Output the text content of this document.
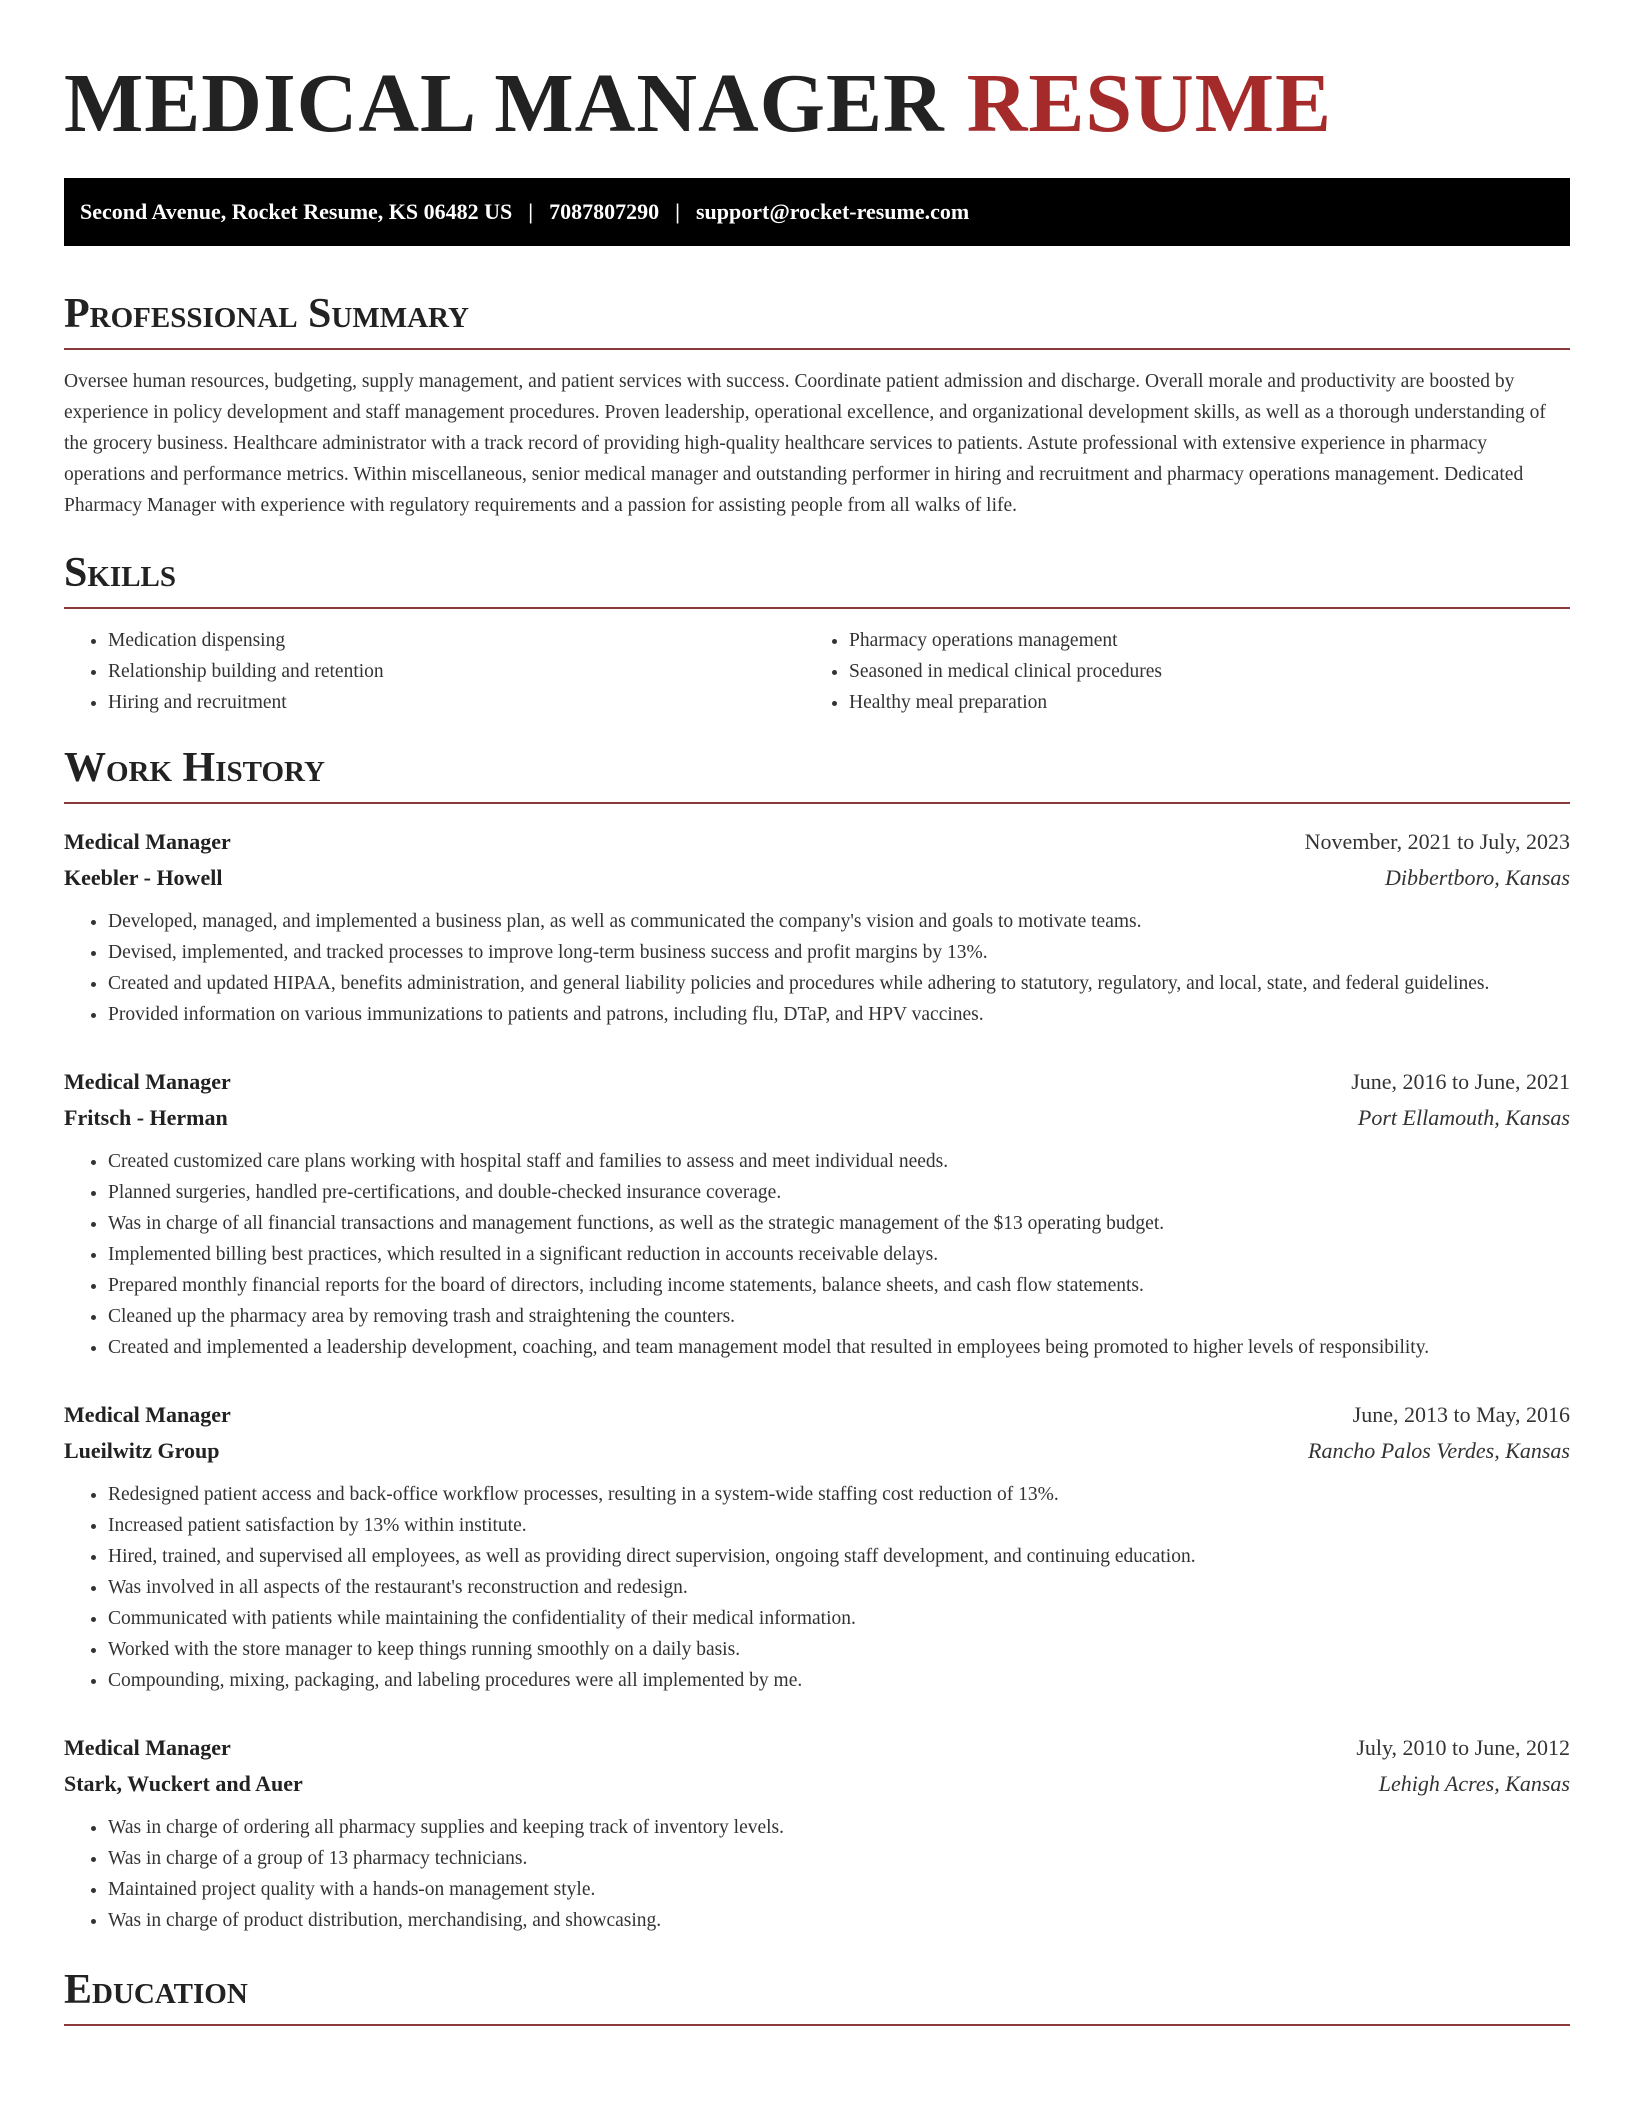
MEDICAL MANAGER RESUME
Second Avenue, Rocket Resume, KS 06482 US | 7087807290 | support@rocket-resume.com
Professional Summary

Oversee human resources, budgeting, supply management, and patient services with success. Coordinate patient admission and discharge. Overall morale and productivity are boosted by experience in policy development and staff management procedures. Proven leadership, operational excellence, and organizational development skills, as well as a thorough understanding of the grocery business. Healthcare administrator with a track record of providing high-quality healthcare services to patients. Astute professional with extensive experience in pharmacy operations and performance metrics. Within miscellaneous, senior medical manager and outstanding performer in hiring and recruitment and pharmacy operations management. Dedicated Pharmacy Manager with experience with regulatory requirements and a passion for assisting people from all walks of life.

Skills
• Medication dispensing
• Relationship building and retention
• Hiring and recruitment
• Pharmacy operations management
• Seasoned in medical clinical procedures
• Healthy meal preparation
Work History
Medical Manager	November, 2021 to July, 2023
Keebler - Howell	Dibbertboro, Kansas
• Developed, managed, and implemented a business plan, as well as communicated the company's vision and goals to motivate teams.
• Devised, implemented, and tracked processes to improve long-term business success and profit margins by 13%.
• Created and updated HIPAA, benefits administration, and general liability policies and procedures while adhering to statutory, regulatory, and local, state, and federal guidelines.
• Provided information on various immunizations to patients and patrons, including flu, DTaP, and HPV vaccines.
Medical Manager	June, 2016 to June, 2021
Fritsch - Herman	Port Ellamouth, Kansas
• Created customized care plans working with hospital staff and families to assess and meet individual needs.
• Planned surgeries, handled pre-certifications, and double-checked insurance coverage.
• Was in charge of all financial transactions and management functions, as well as the strategic management of the $13 operating budget.
• Implemented billing best practices, which resulted in a significant reduction in accounts receivable delays.
• Prepared monthly financial reports for the board of directors, including income statements, balance sheets, and cash flow statements.
• Cleaned up the pharmacy area by removing trash and straightening the counters.
• Created and implemented a leadership development, coaching, and team management model that resulted in employees being promoted to higher levels of responsibility.
Medical Manager	June, 2013 to May, 2016
Lueilwitz Group	Rancho Palos Verdes, Kansas
• Redesigned patient access and back-office workflow processes, resulting in a system-wide staffing cost reduction of 13%.
• Increased patient satisfaction by 13% within institute.
• Hired, trained, and supervised all employees, as well as providing direct supervision, ongoing staff development, and continuing education.
• Was involved in all aspects of the restaurant's reconstruction and redesign.
• Communicated with patients while maintaining the confidentiality of their medical information.
• Worked with the store manager to keep things running smoothly on a daily basis.
• Compounding, mixing, packaging, and labeling procedures were all implemented by me.
Medical Manager	July, 2010 to June, 2012
Stark, Wuckert and Auer	Lehigh Acres, Kansas
• Was in charge of ordering all pharmacy supplies and keeping track of inventory levels.
• Was in charge of a group of 13 pharmacy technicians.
• Maintained project quality with a hands-on management style.
• Was in charge of product distribution, merchandising, and showcasing.
Education
